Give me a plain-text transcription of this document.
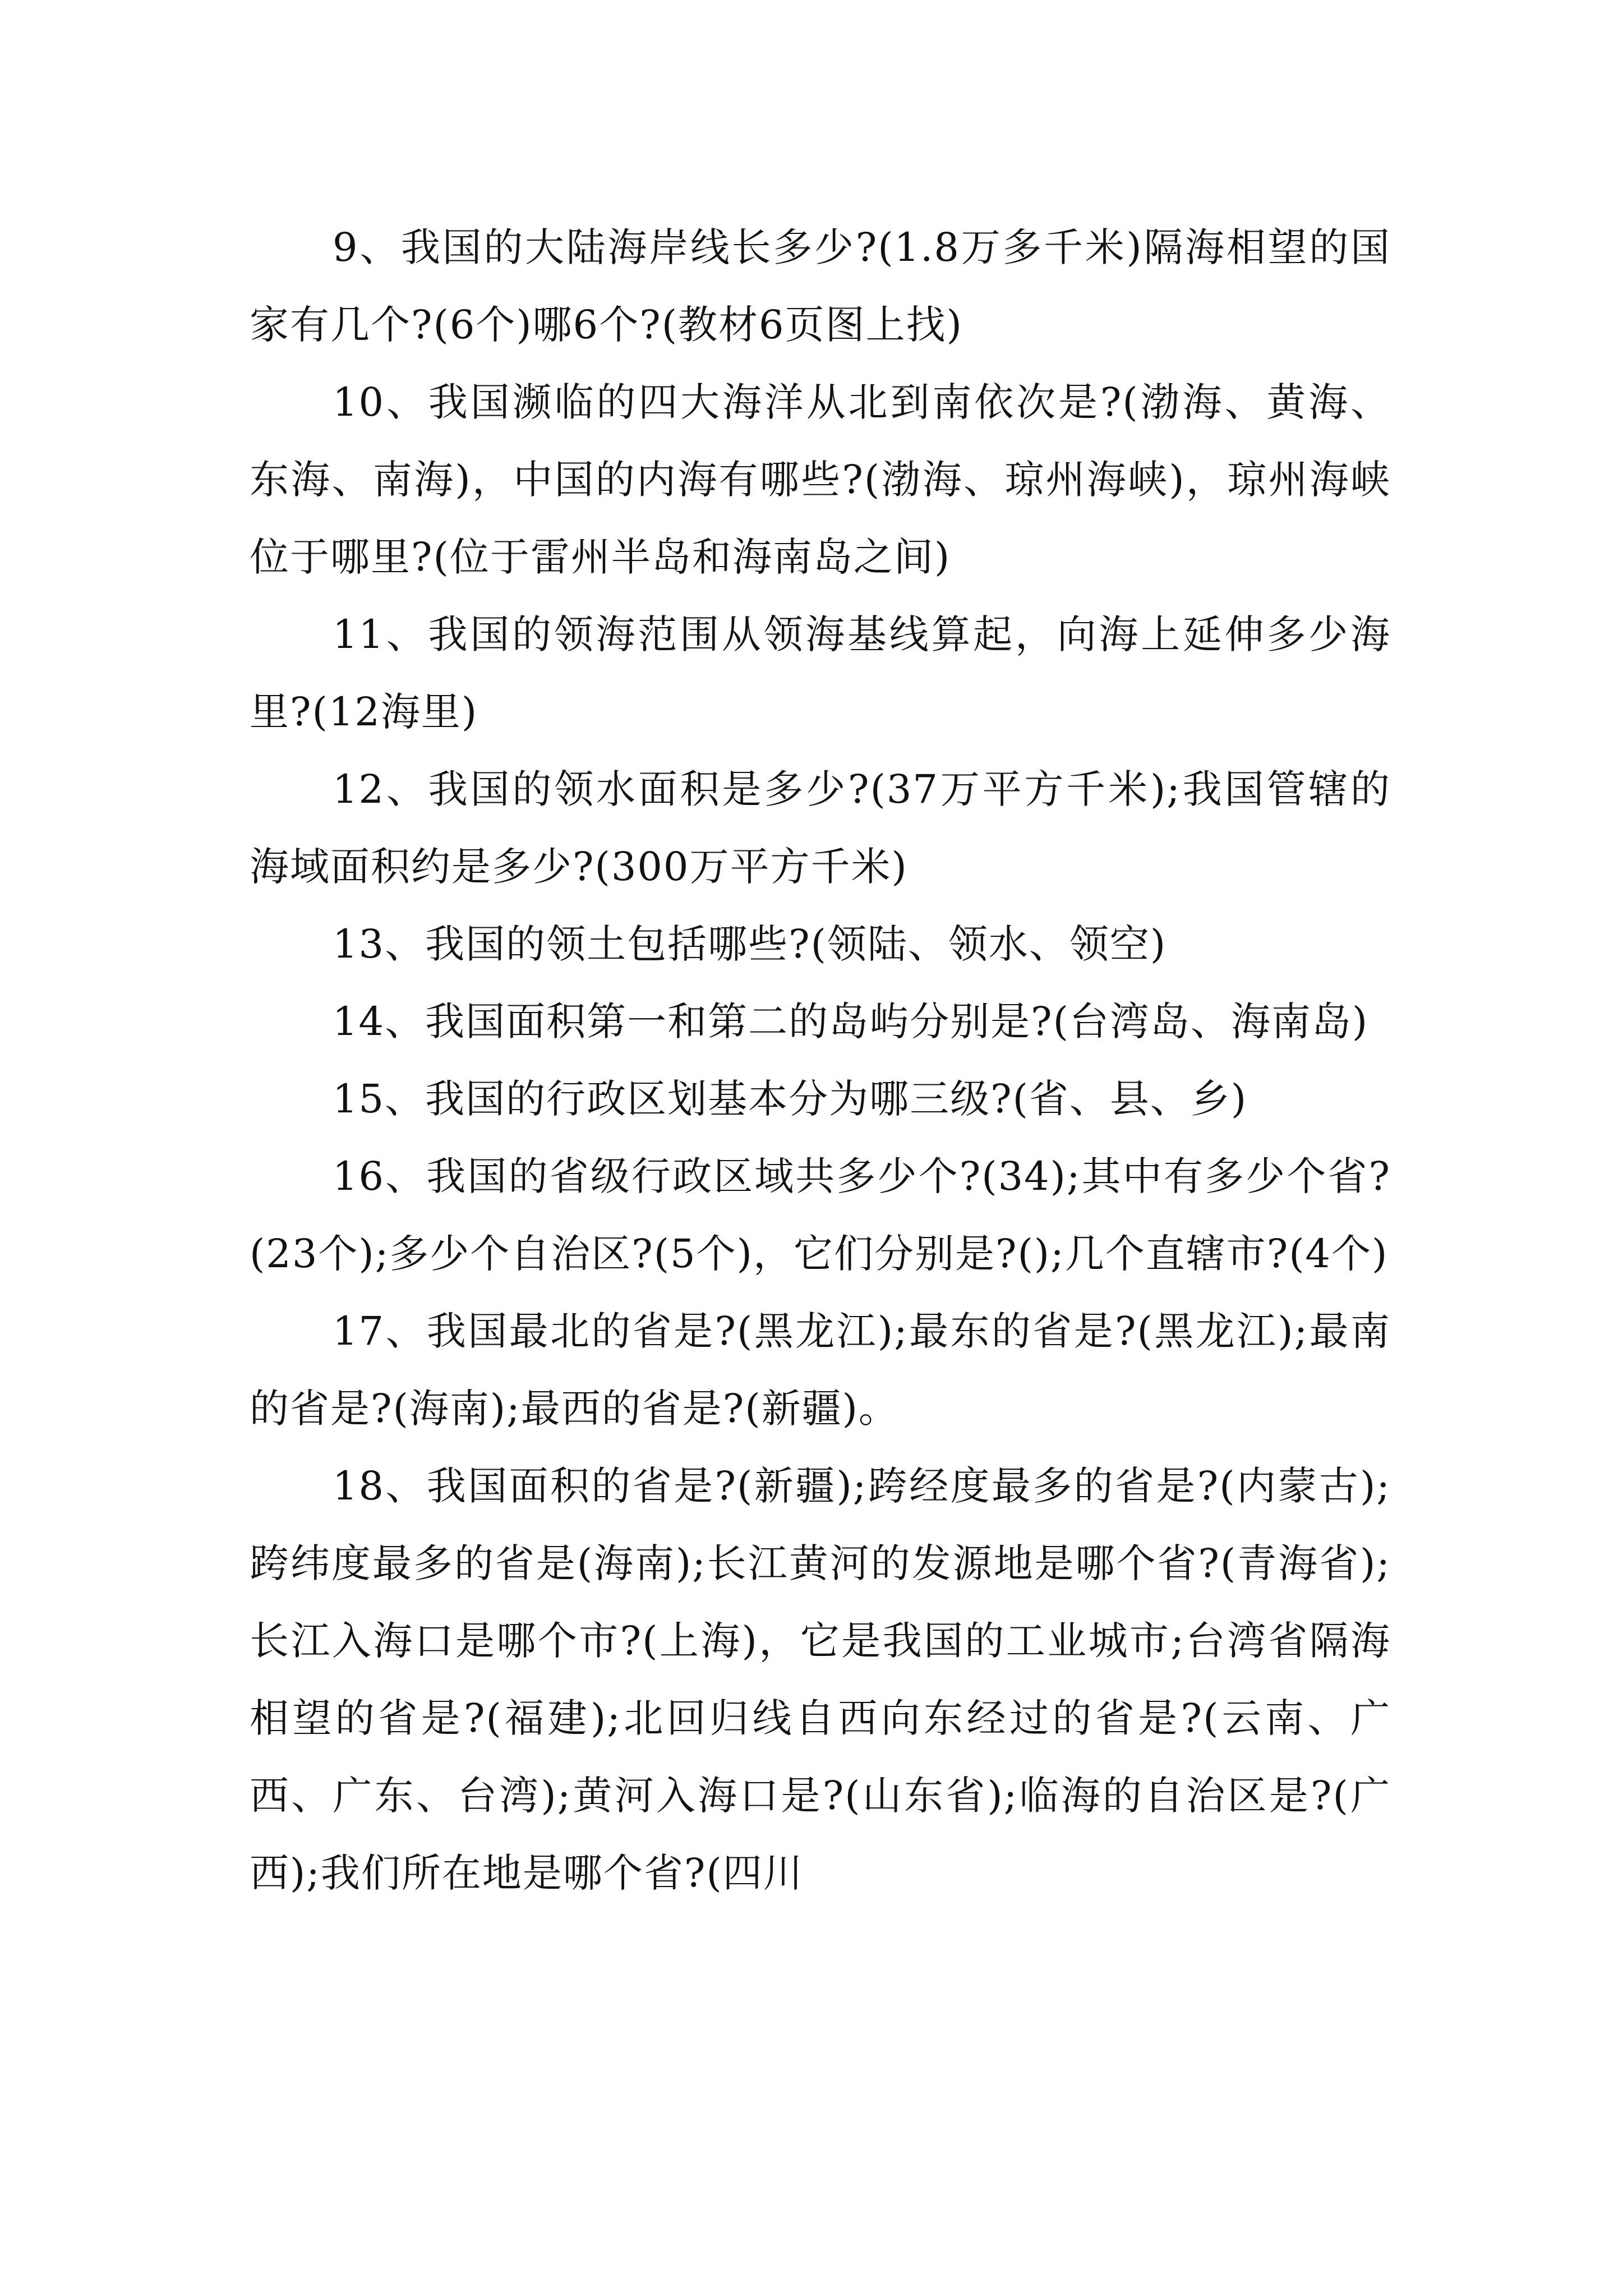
9、我国的大陆海岸线长多少?(1.8万多千米)隔海相望的国家有几个?(6个)哪6个?(教材6页图上找)

10、我国濒临的四大海洋从北到南依次是?(渤海、黄海、东海、南海)，中国的内海有哪些?(渤海、琼州海峡)，琼州海峡位于哪里?(位于雷州半岛和海南岛之间)

11、我国的领海范围从领海基线算起，向海上延伸多少海里?(12海里)

12、我国的领水面积是多少?(37万平方千米);我国管辖的海域面积约是多少?(300万平方千米)

13、我国的领土包括哪些?(领陆、领水、领空)

14、我国面积第一和第二的岛屿分别是?(台湾岛、海南岛)

15、我国的行政区划基本分为哪三级?(省、县、乡)

16、我国的省级行政区域共多少个?(34);其中有多少个省?(23个);多少个自治区?(5个)，它们分别是?();几个直辖市?(4个)

17、我国最北的省是?(黑龙江);最东的省是?(黑龙江);最南的省是?(海南);最西的省是?(新疆)。

18、我国面积的省是?(新疆);跨经度最多的省是?(内蒙古);跨纬度最多的省是(海南);长江黄河的发源地是哪个省?(青海省);长江入海口是哪个市?(上海)，它是我国的工业城市;台湾省隔海相望的省是?(福建);北回归线自西向东经过的省是?(云南、广西、广东、台湾);黄河入海口是?(山东省);临海的自治区是?(广西);我们所在地是哪个省?(四川
